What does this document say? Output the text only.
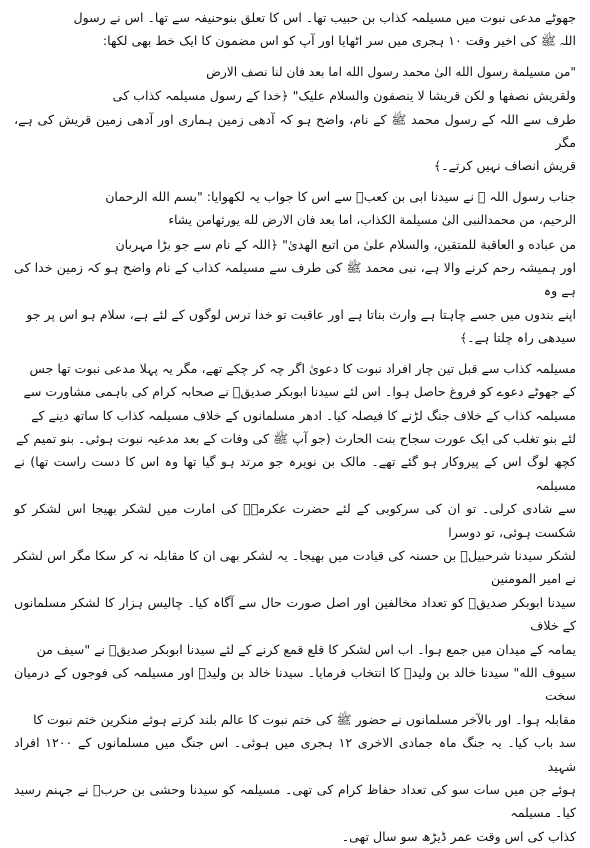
جھوٹے مدعی نبوت میں مسیلمہ کذاب بن حبیب تھا۔ اس کا تعلق بنوحنیفہ سے تھا۔ اس نے رسول
اللہ ﷺ کی اخیر وقت ۱۰ ہجری میں سر اٹھایا اور آپ کو اس مضمون کا ایک خط بھی لکھا:

"من مسیلمة رسول الله الیٰ محمد رسول الله اما بعد فان لنا نصف الارض
ولقریش نصفها و لکن قریشا لا ینصفون والسلام علیک" ﴿خدا کے رسول مسیلمہ کذاب کی
طرف سے اللہ کے رسول محمد ﷺ کے نام، واضح ہو کہ آدھی زمین ہماری اور آدھی زمین قریش کی ہے، مگر
قریش انصاف نہیں کرتے۔﴾

جناب رسول اللہ ﷺ نے سیدنا ابی بن کعبؓ سے اس کا جواب یہ لکھوایا: "بسم الله الرحمان
الرحیم، من محمدالنبی الیٰ مسیلمة الکذاب، اما بعد فان الارض لله یورثهامن یشاء
من عباده و العاقبة للمتقین، والسلام علیٰ من اتبع الهدیٰ" ﴿اللہ کے نام سے جو بڑا مہربان
اور ہمیشہ رحم کرنے والا ہے، نبی محمد ﷺ کی طرف سے مسیلمہ کذاب کے نام واضح ہو کہ زمین خدا کی ہے وہ
اپنے بندوں میں جسے چاہتا ہے وارث بناتا ہے اور عاقبت تو خدا ترس لوگوں کے لئے ہے، سلام ہو اس پر جو
سیدھی راہ چلتا ہے۔﴾

مسیلمہ کذاب سے قبل تین چار افراد نبوت کا دعویٰ اگر چہ کر چکے تھے، مگر یہ پہلا مدعی نبوت تھا جس
کے جھوٹے دعوے کو فروغ حاصل ہوا۔ اس لئے سیدنا ابوبکر صدیقؓ نے صحابہ کرام کی باہمی مشاورت سے
مسیلمہ کذاب کے خلاف جنگ لڑنے کا فیصلہ کیا۔ ادھر مسلمانوں کے خلاف مسیلمہ کذاب کا ساتھ دینے کے
لئے بنو تغلب کی ایک عورت سجاح بنت الحارث (جو آپ ﷺ کی وفات کے بعد مدعیہ نبوت ہوئی۔ بنو تمیم کے
کچھ لوگ اس کے پیروکار ہو گئے تھے۔ مالک بن نویرہ جو مرتد ہو گیا تھا وہ اس کا دست راست تھا) نے مسیلمہ
سے شادی کرلی۔ تو ان کی سرکوبی کے لئے حضرت عکرمہؓ کی امارت میں لشکر بھیجا اس لشکر کو شکست ہوئی، تو دوسرا
لشکر سیدنا شرحبیلؓ بن حسنہ کی قیادت میں بھیجا۔ یہ لشکر بھی ان کا مقابلہ نہ کر سکا مگر اس لشکر نے امیر المومنین
سیدنا ابوبکر صدیقؓ کو تعداد مخالفین اور اصل صورت حال سے آگاہ کیا۔ چالیس ہزار کا لشکر مسلمانوں کے خلاف
یمامہ کے میدان میں جمع ہوا۔ اب اس لشکر کا قلع قمع کرنے کے لئے سیدنا ابوبکر صدیقؓ نے "سیف من
سیوف الله" سیدنا خالد بن ولیدؓ کا انتخاب فرمایا۔ سیدنا خالد بن ولیدؓ اور مسیلمہ کی فوجوں کے درمیان سخت
مقابلہ ہوا۔ اور بالآخر مسلمانوں نے حضور ﷺ کی ختم نبوت کا عالم بلند کرتے ہوئے منکرین ختم نبوت کا
سد باب کیا۔ یہ جنگ ماہ جمادی الاخری ۱۲ ہجری میں ہوئی۔ اس جنگ میں مسلمانوں کے ۱۲۰۰ افراد شہید
ہوئے جن میں سات سو کی تعداد حفاظ کرام کی تھی۔ مسیلمہ کو سیدنا وحشی بن حربؓ نے جہنم رسید کیا۔ مسیلمہ
کذاب کی اس وقت عمر ڈیڑھ سو سال تھی۔
